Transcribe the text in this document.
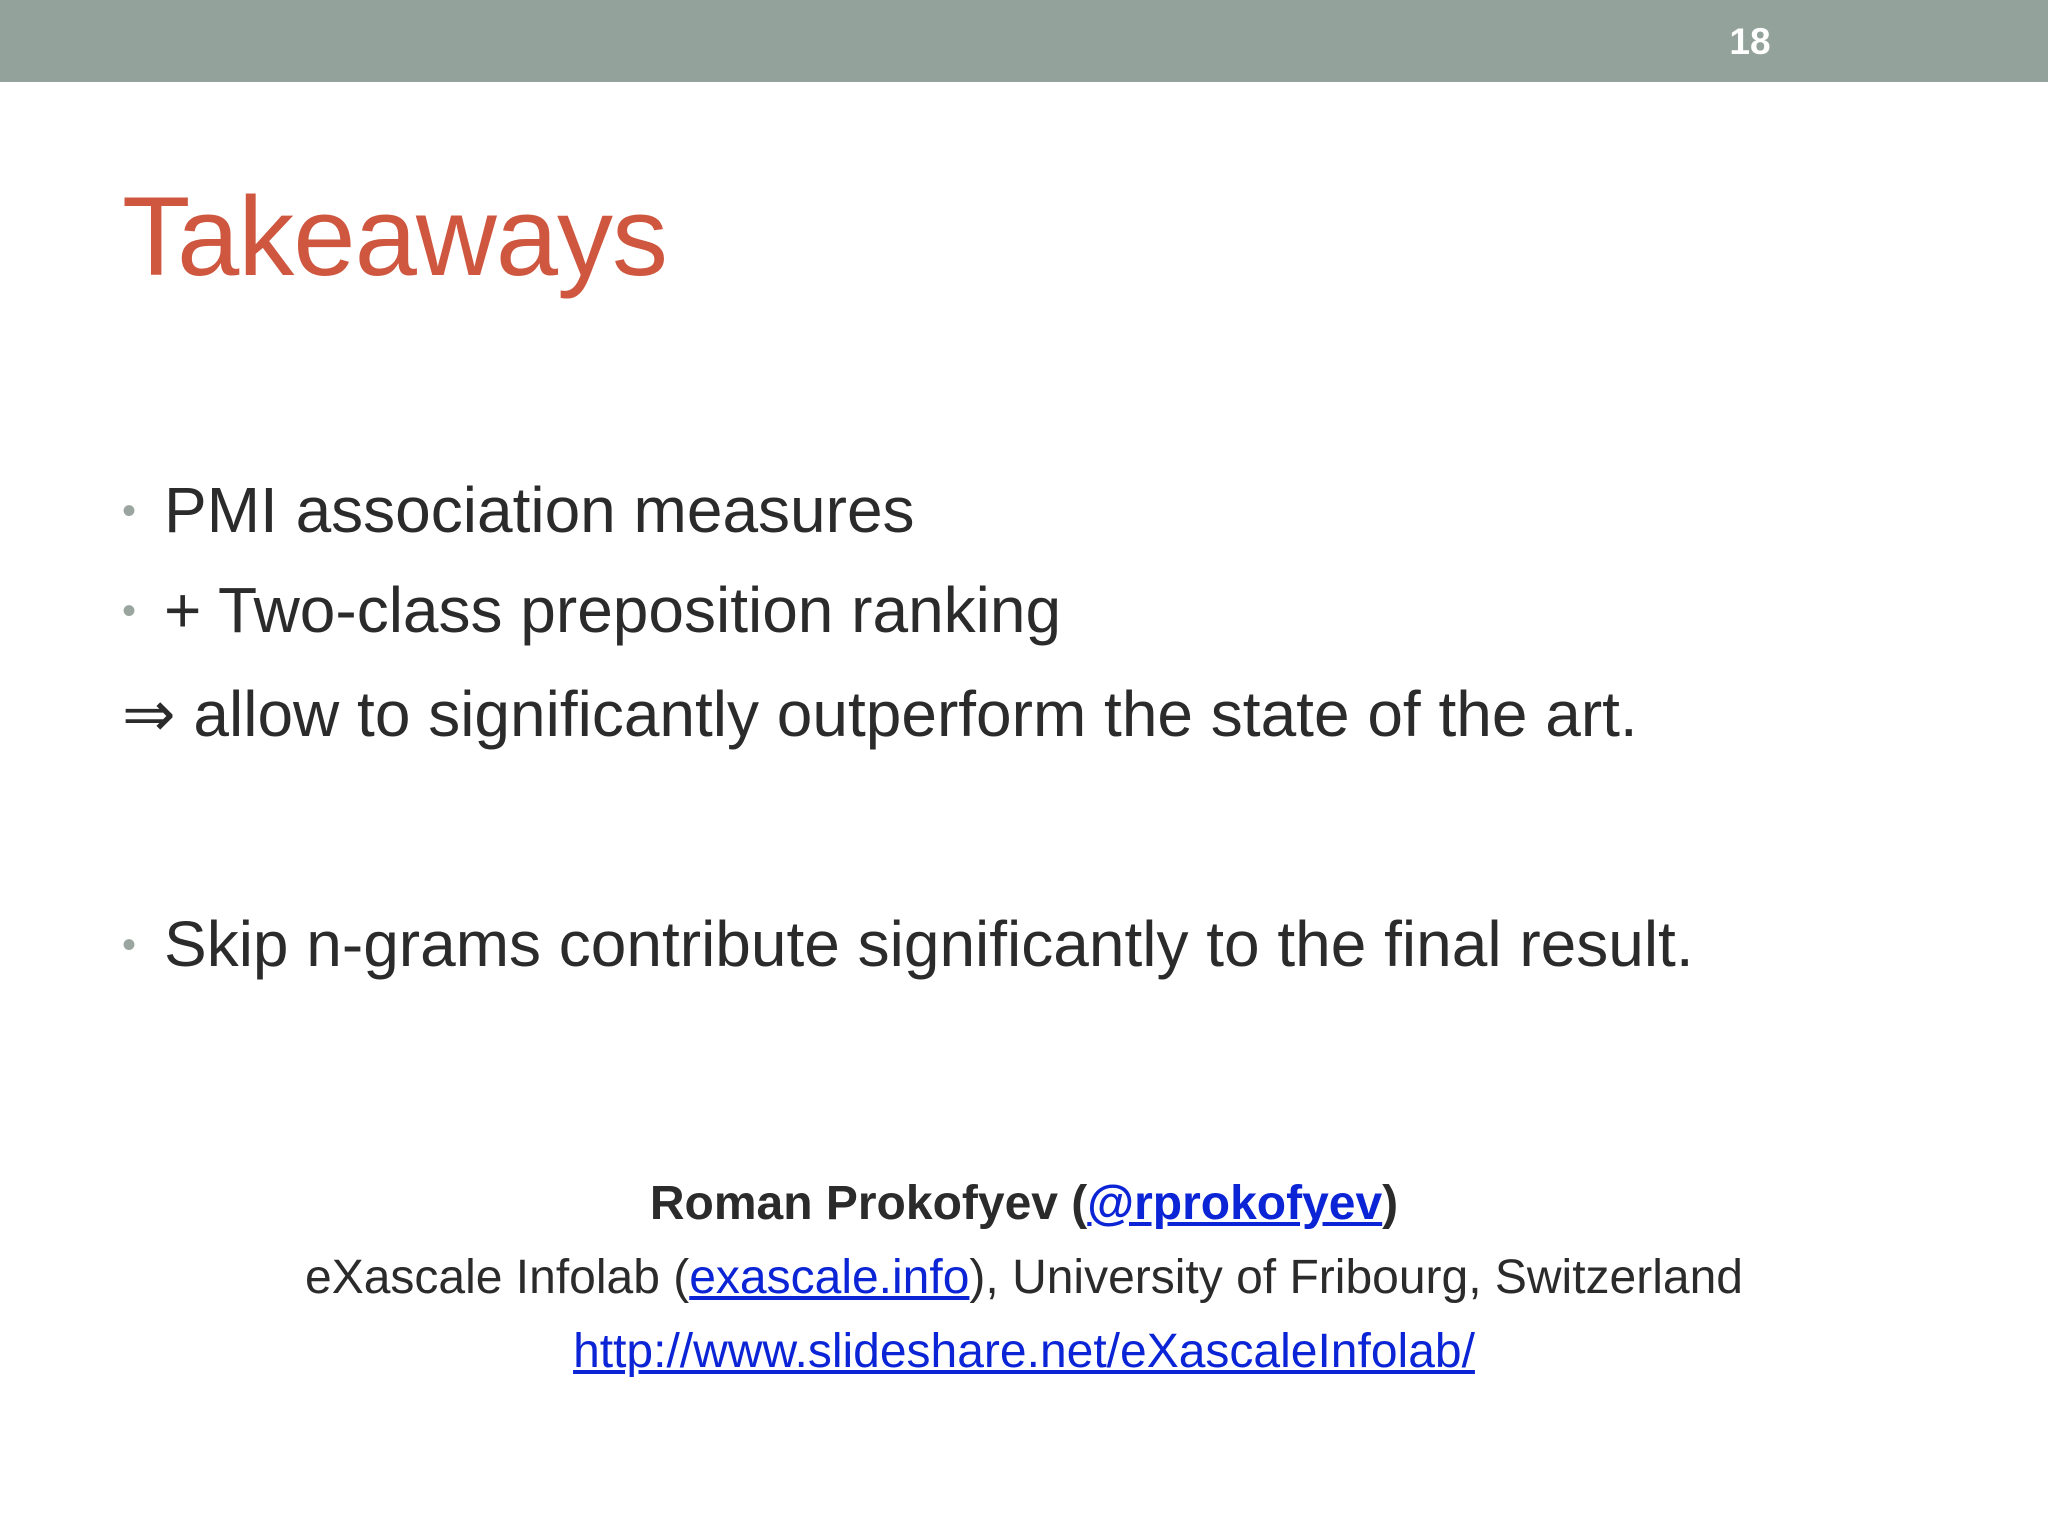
18
Takeaways
• PMI association measures
• + Two-class preposition ranking
⇒ allow to significantly outperform the state of the art.
• Skip n-grams contribute significantly to the final result.
Roman Prokofyev (@rprokofyev)
eXascale Infolab (exascale.info), University of Fribourg, Switzerland
http://www.slideshare.net/eXascaleInfolab/
